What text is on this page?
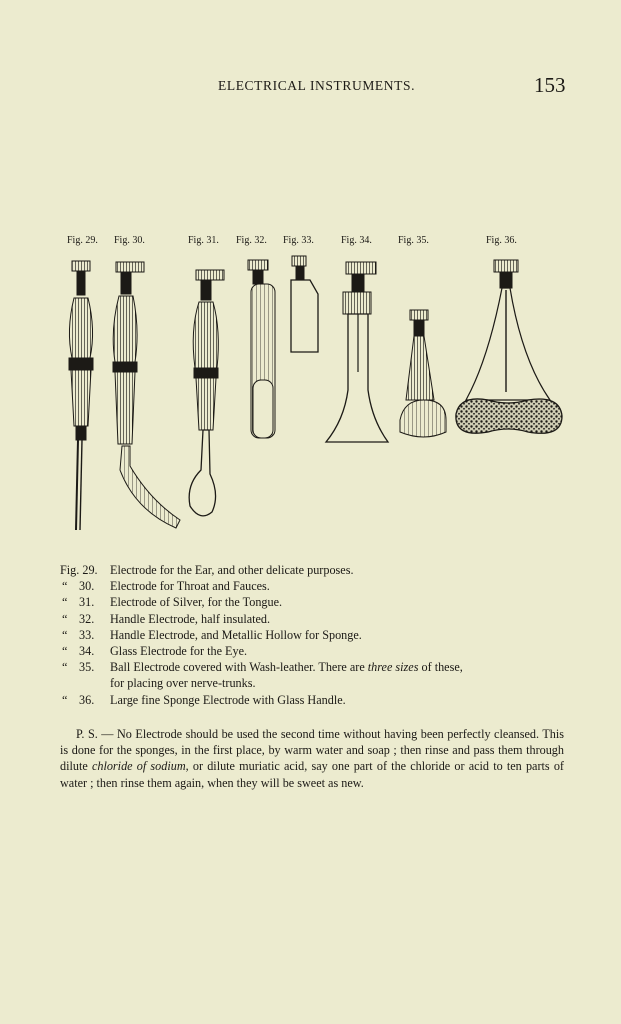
ELECTRICAL INSTRUMENTS.	153
Fig. 29. Fig. 30.	Fig. 31. Fig. 32. Fig. 33.	Fig. 34.	Fig. 35.	Fig. 36.
Fig. 29.	Electrode for the Ear, and other delicate purposes.
“ 30.	Electrode for Throat and Fauces.
“ 31.	Electrode of Silver, for the Tongue.
“ 32.	Handle Electrode, half insulated.
“ 33.	Handle Electrode, and Metallic Hollow for Sponge.
“ 34.	Glass Electrode for the Eye.
“ 35.	Ball Electrode covered with Wash-leather. There are three sizes of these,
for placing over nerve-trunks.
“ 36.	Large fine Sponge Electrode with Glass Handle.

P. S. — No Electrode should be used the second time without having been perfectly cleansed. This is done for the sponges, in the first place, by warm water and soap ; then rinse and pass them through dilute chloride of sodium, or dilute muriatic acid, say one part of the chloride or acid to ten parts of water ; then rinse them again, when they will be sweet as new.
